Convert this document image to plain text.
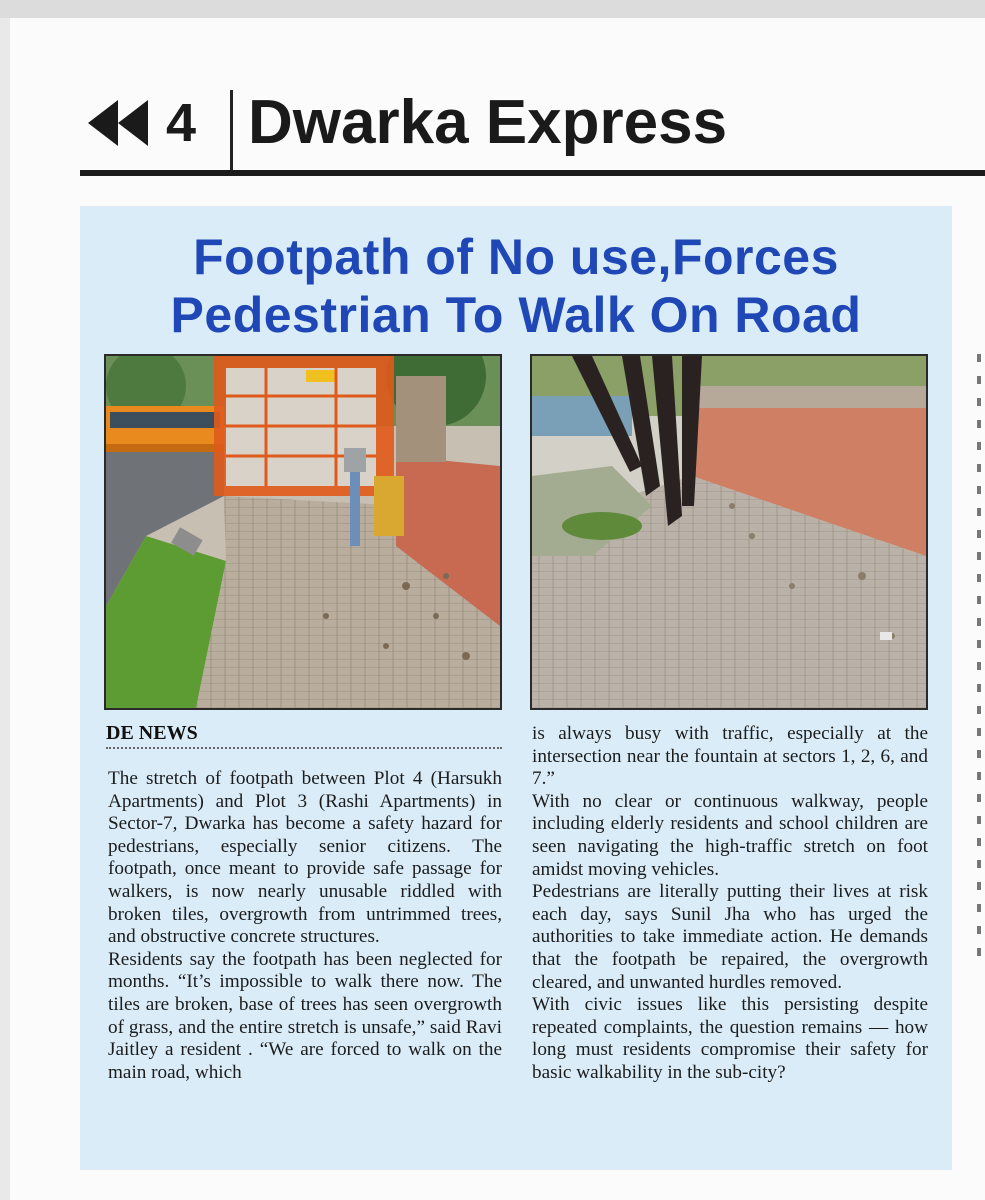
4 Dwarka Express
Footpath of No use,Forces
Pedestrian To Walk On Road
DE NEWS

The stretch of footpath between Plot 4 (Harsukh Apartments) and Plot 3 (Rashi Apartments) in Sector-7, Dwarka has become a safety hazard for pedestrians, especially senior citizens. The footpath, once meant to provide safe passage for walkers, is now nearly unusable riddled with broken tiles, overgrowth from untrimmed trees, and obstructive concrete structures.

Residents say the footpath has been neglected for months. “It’s impossible to walk there now. The tiles are broken, base of trees has seen overgrowth of grass, and the entire stretch is unsafe,” said Ravi Jaitley a resident . “We are forced to walk on the main road, which

is always busy with traffic, especially at the intersection near the fountain at sectors 1, 2, 6, and 7.”

With no clear or continuous walkway, people including elderly residents and school children are seen navigating the high-traffic stretch on foot amidst moving vehicles.

Pedestrians are literally putting their lives at risk each day, says Sunil Jha who has urged the authorities to take immediate action. He demands that the footpath be repaired, the overgrowth cleared, and unwanted hurdles removed.

With civic issues like this persisting despite repeated complaints, the question remains — how long must residents compromise their safety for basic walkability in the sub-city?
